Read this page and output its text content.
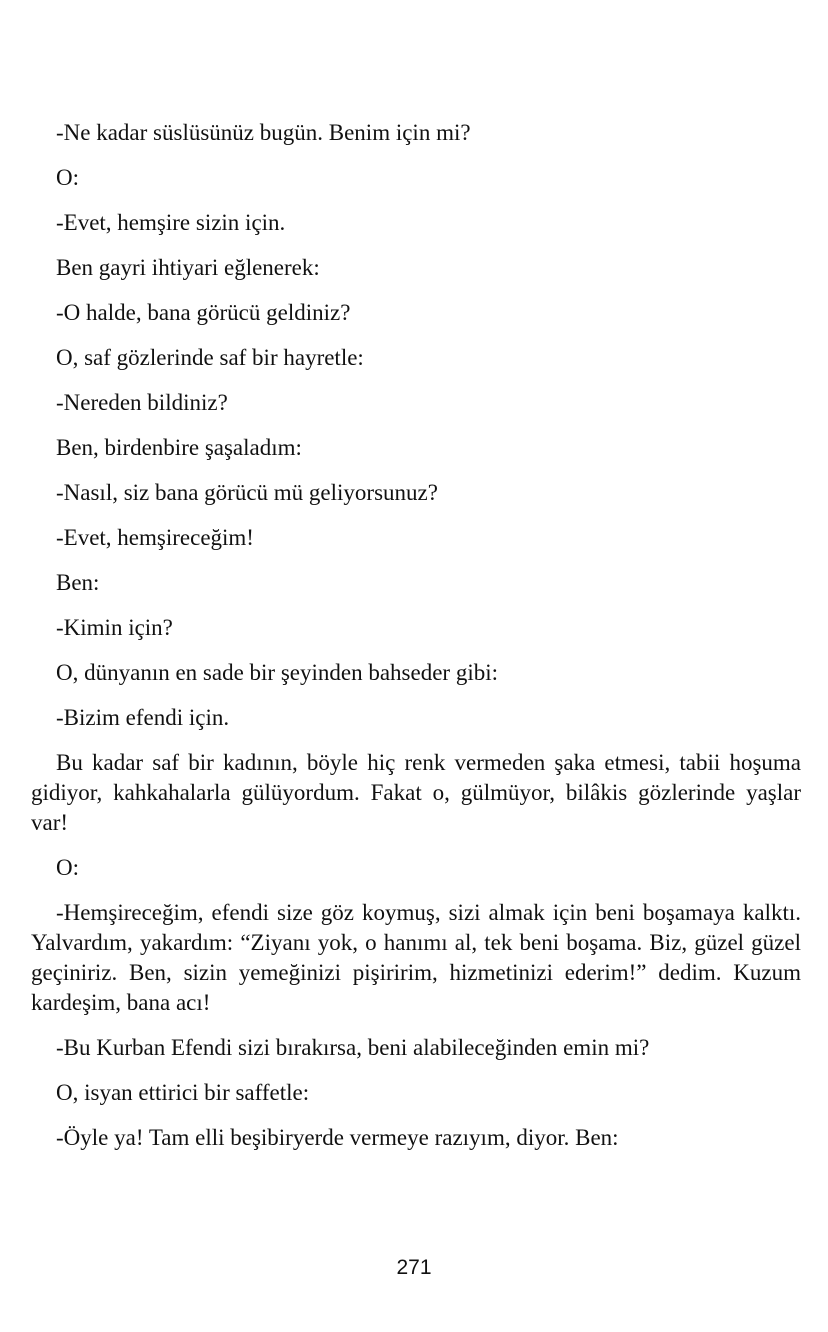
-Ne kadar süslüsünüz bugün. Benim için mi?

O:

-Evet, hemşire sizin için.

Ben gayri ihtiyari eğlenerek:

-O halde, bana görücü geldiniz?

O, saf gözlerinde saf bir hayretle:

-Nereden bildiniz?

Ben, birdenbire şaşaladım:

-Nasıl, siz bana görücü mü geliyorsunuz?

-Evet, hemşireceğim!

Ben:

-Kimin için?

O, dünyanın en sade bir şeyinden bahseder gibi:

-Bizim efendi için.

Bu kadar saf bir kadının, böyle hiç renk vermeden şaka etmesi, tabii hoşuma gidiyor, kahkahalarla gülüyordum. Fakat o, gülmüyor, bilâkis gözlerinde yaşlar var!

O:

-Hemşireceğim, efendi size göz koymuş, sizi almak için beni boşamaya kalktı. Yalvardım, yakardım: “Ziyanı yok, o hanımı al, tek beni boşama. Biz, güzel güzel geçiniriz. Ben, sizin yemeğinizi pişiririm, hizmetinizi ederim!” dedim. Kuzum kardeşim, bana acı!

-Bu Kurban Efendi sizi bırakırsa, beni alabileceğinden emin mi?

O, isyan ettirici bir saffetle:

-Öyle ya! Tam elli beşibiryerde vermeye razıyım, diyor. Ben:

271
